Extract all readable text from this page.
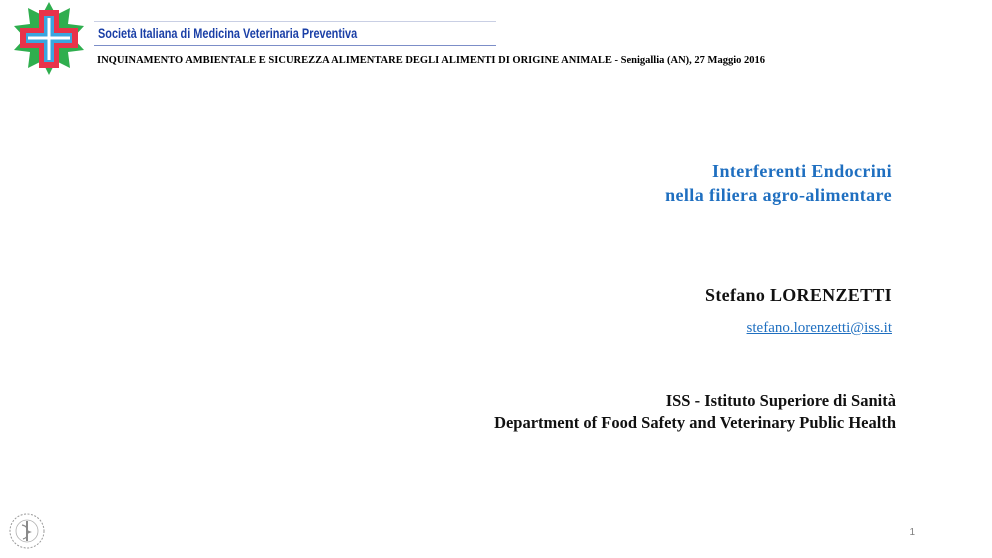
Società Italiana di Medicina Veterinaria Preventiva
INQUINAMENTO AMBIENTALE E SICUREZZA ALIMENTARE DEGLI ALIMENTI DI ORIGINE ANIMALE - Senigallia (AN), 27 Maggio 2016
Interferenti Endocrini
nella filiera agro-alimentare
Stefano LORENZETTI
stefano.lorenzetti@iss.it
ISS - Istituto Superiore di Sanità
Department of Food Safety and Veterinary Public Health
1
